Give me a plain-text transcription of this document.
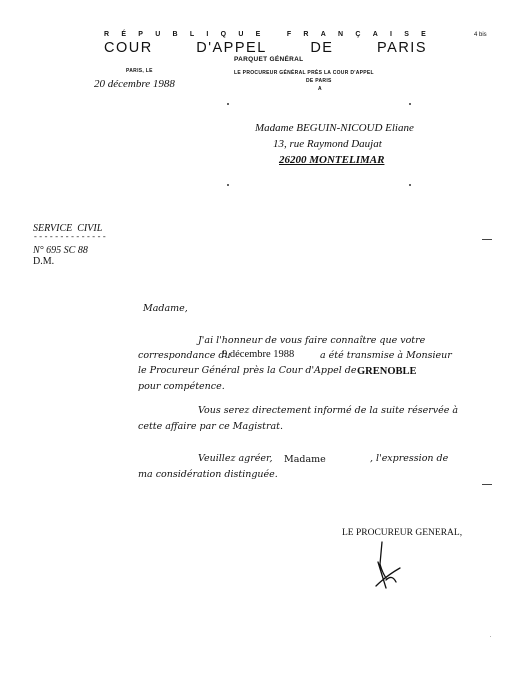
R É P U B L I Q U E
	F R A N Ç A I S E
COUR	D'APPEL	DE	PARIS
PARQUET GÉNÉRAL
4 bis
PARIS, LE
20 décembre 1988
LE PROCUREUR GÉNÉRAL PRÈS LA COUR D'APPEL
DE PARIS
A
Madame BEGUIN-NICOUD Eliane
13, rue Raymond Daujat
26200 MONTELIMAR
SERVICE  CIVIL
--------------
N° 695 SC 88
D.M.
Madame,
J'ai l'honneur de vous faire connaître que votre
correspondance du
9 décembre 1988	a été transmise à Monsieur
le Procureur Général près la Cour d'Appel de GRENOBLE
pour compétence.
Vous serez directement informé de la suite réservée à
cette affaire par ce Magistrat.
Veuillez agréer, Madame	, l'expression de
ma considération distinguée.
LE PROCUREUR GENERAL,
